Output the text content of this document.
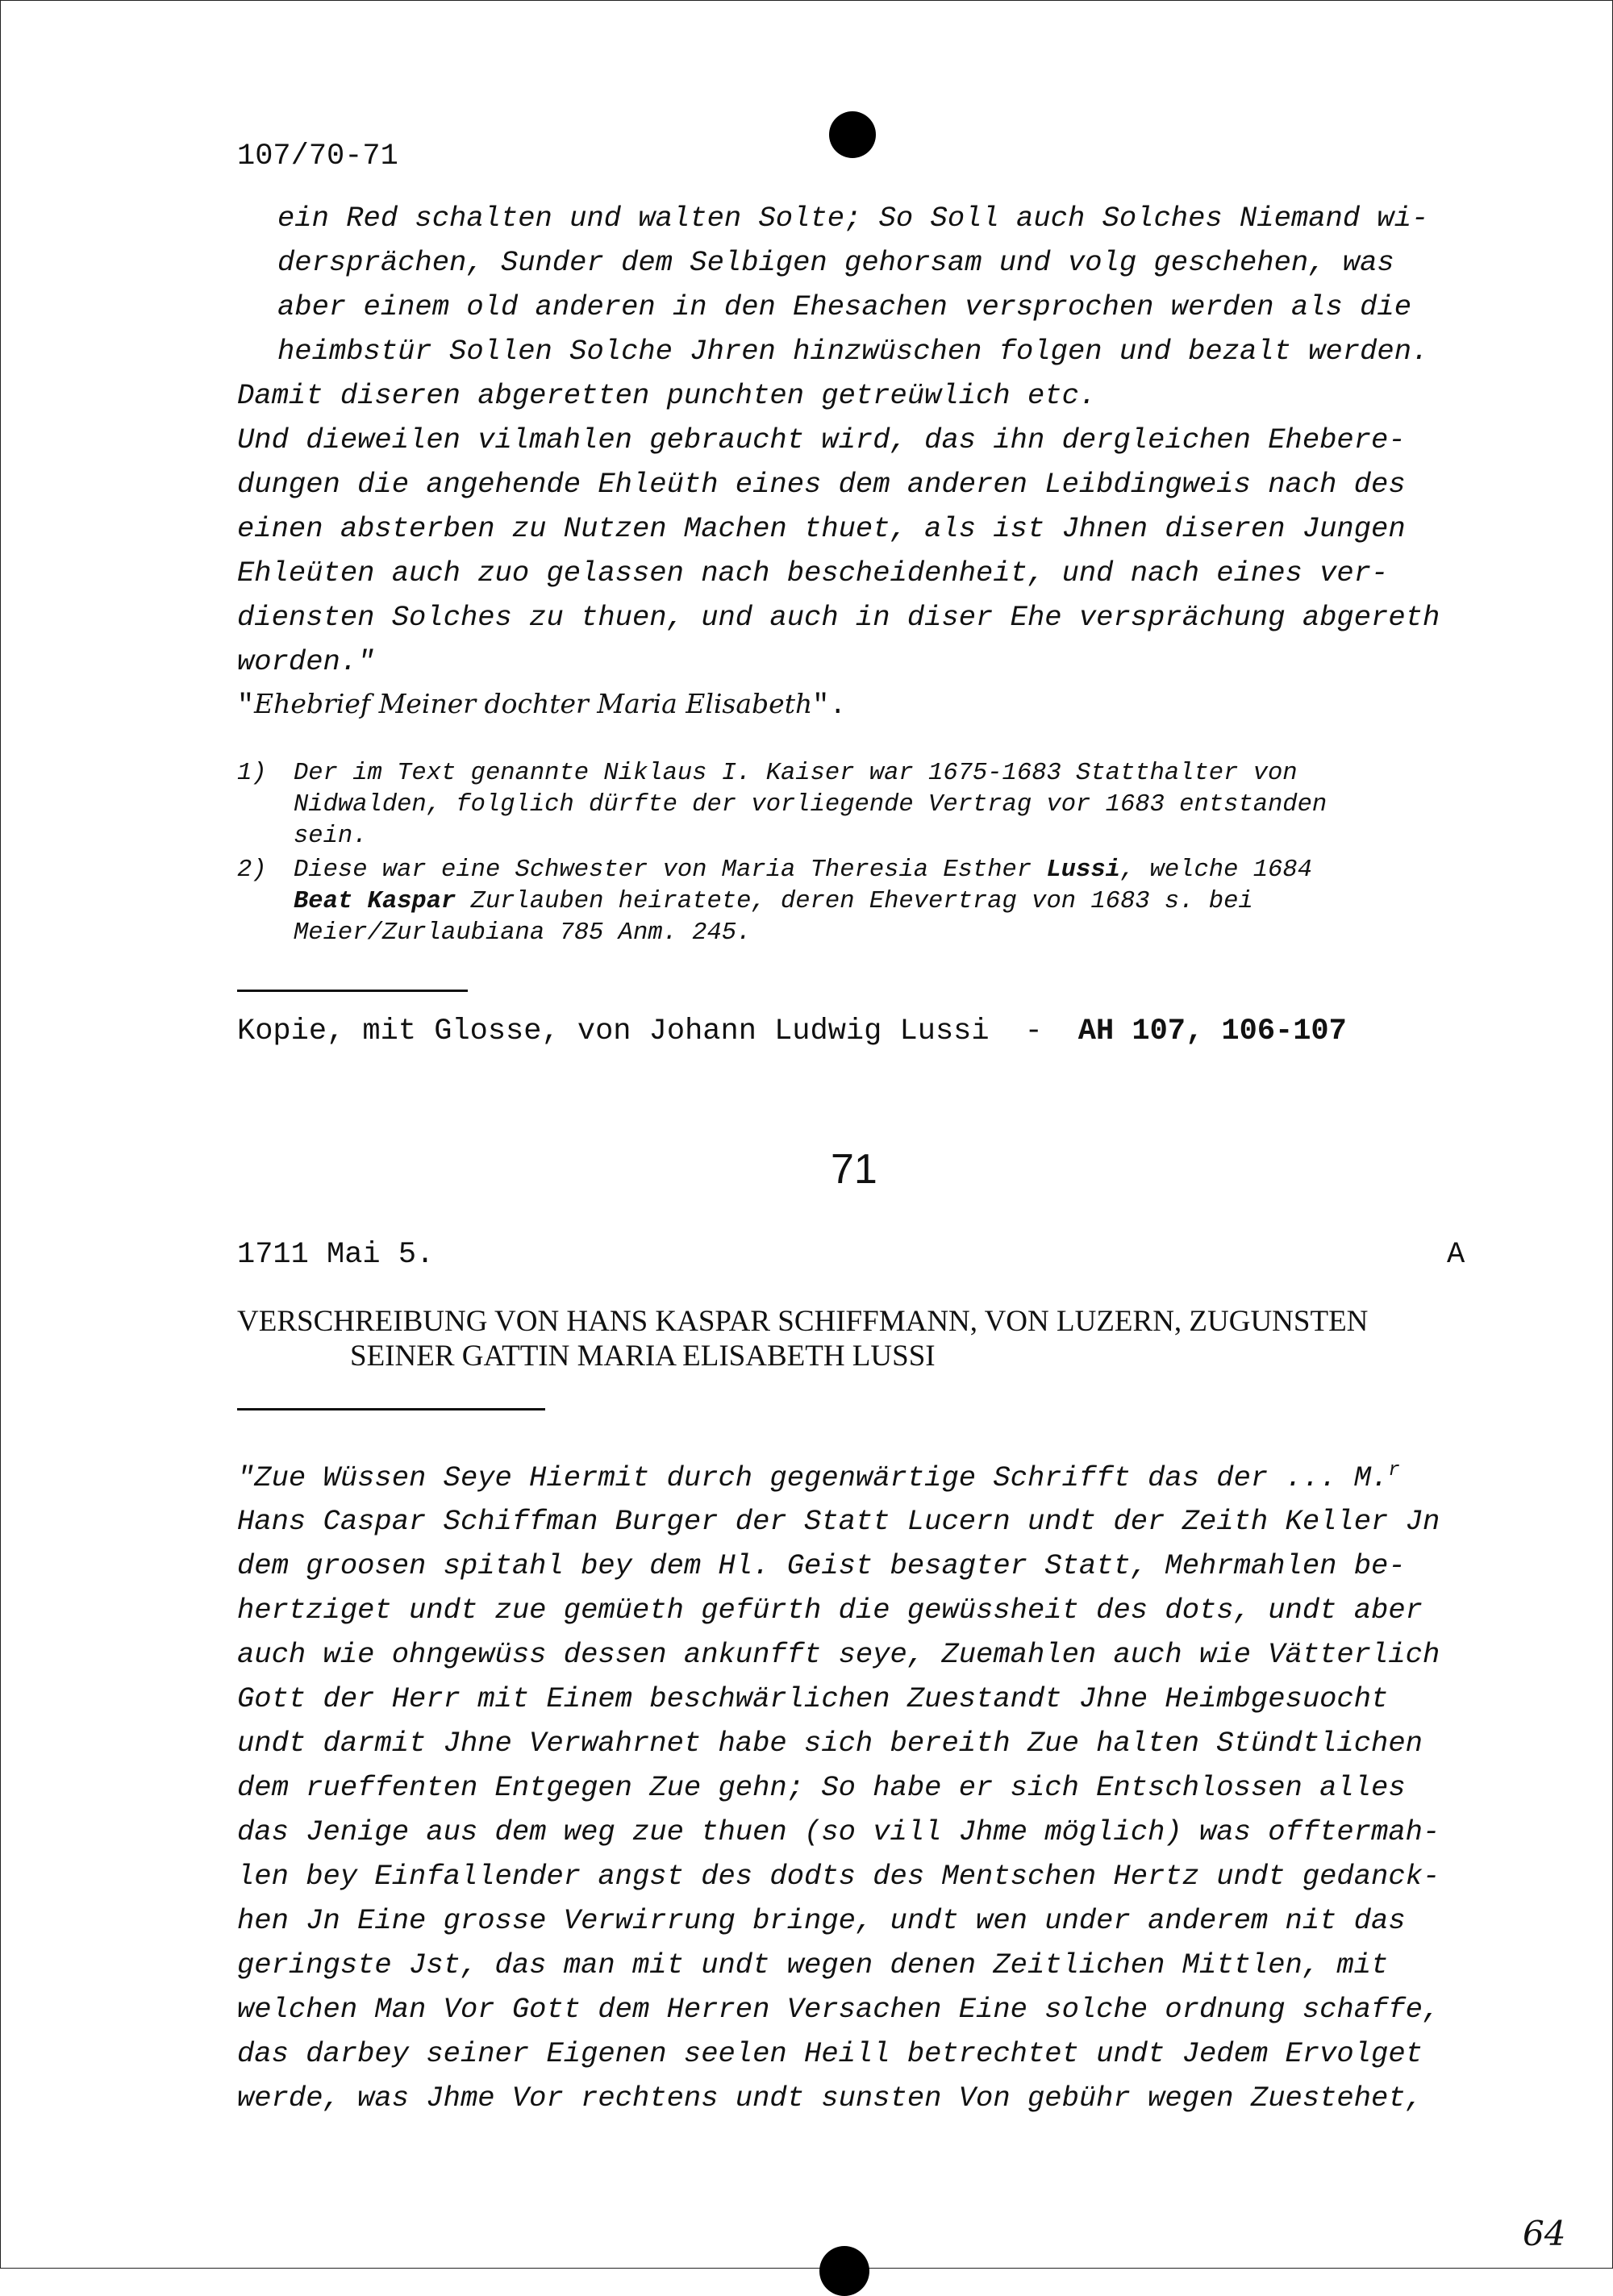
107/70-71
ein Red schalten und walten Solte; So Soll auch Solches Niemand wi-
dersprächen, Sunder dem Selbigen gehorsam und volg geschehen, was
aber einem old anderen in den Ehesachen versprochen werden als die
heimbstür Sollen Solche Jhren hinzwüschen folgen und bezalt werden.
Damit diseren abgeretten punchten getreüwlich etc.
Und dieweilen vilmahlen gebraucht wird, das ihn dergleichen Eheberе-
dungen die angehende Ehleüth eines dem anderen Leibdingweis nach des
einen absterben zu Nutzen Machen thuet, als ist Jhnen diseren Jungen
Ehleüten auch zuo gelassen nach bescheidenheit, und nach eines ver-
diensten Solches zu thuen, und auch in diser Ehe versprächung abgereth
worden."
"Ehebrief Meiner dochter Maria Elisabeth".
1) Der im Text genannte Niklaus I. Kaiser war 1675-1683 Statthalter von
Nidwalden, folglich dürfte der vorliegende Vertrag vor 1683 entstanden
sein.
2) Diese war eine Schwester von Maria Theresia Esther Lussi, welche 1684
Beat Kaspar Zurlauben heiratete, deren Ehevertrag von 1683 s. bei
Meier/Zurlaubiana 785 Anm. 245.
Kopie, mit Glosse, von Johann Ludwig Lussi - AH 107, 106-107
71
1711 Mai 5.	A
VERSCHREIBUNG VON HANS KASPAR SCHIFFMANN, VON LUZERN, ZUGUNSTEN
SEINER GATTIN MARIA ELISABETH LUSSI
"Zue Wüssen Seye Hiermit durch gegenwärtige Schrifft das der ... M.$^r$
Hans Caspar Schiffman Burger der Statt Lucern undt der Zeith Keller Jn
dem groosen spitahl bey dem Hl. Geist besagter Statt, Mehrmahlen be-
hertziget undt zue gemüeth gefürth die gewüssheit des dots, undt aber
auch wie ohngewüss dessen ankunfft seye, Zuemahlen auch wie Vätterlich
Gott der Herr mit Einem beschwärlichen Zuestandt Jhne Heimbgesuocht
undt darmit Jhne Verwahrnet habe sich bereith Zue halten Stündtlichen
dem rueffenten Entgegen Zue gehn; So habe er sich Entschlossen alles
das Jenige aus dem weg zue thuen (so vill Jhme möglich) was offtermah-
len bey Einfallender angst des dodts des Mentschen Hertz undt gedanck-
hen Jn Eine grosse Verwirrung bringe, undt wen under anderem nit das
geringste Jst, das man mit undt wegen denen Zeitlichen Mittlen, mit
welchen Man Vor Gott dem Herren Versachen Eine solche ordnung schaffe,
das darbey seiner Eigenen seelen Heill betrechtet undt Jedem Ervolget
werde, was Jhme Vor rechtens undt sunsten Von gebühr wegen Zuestehet,
64
